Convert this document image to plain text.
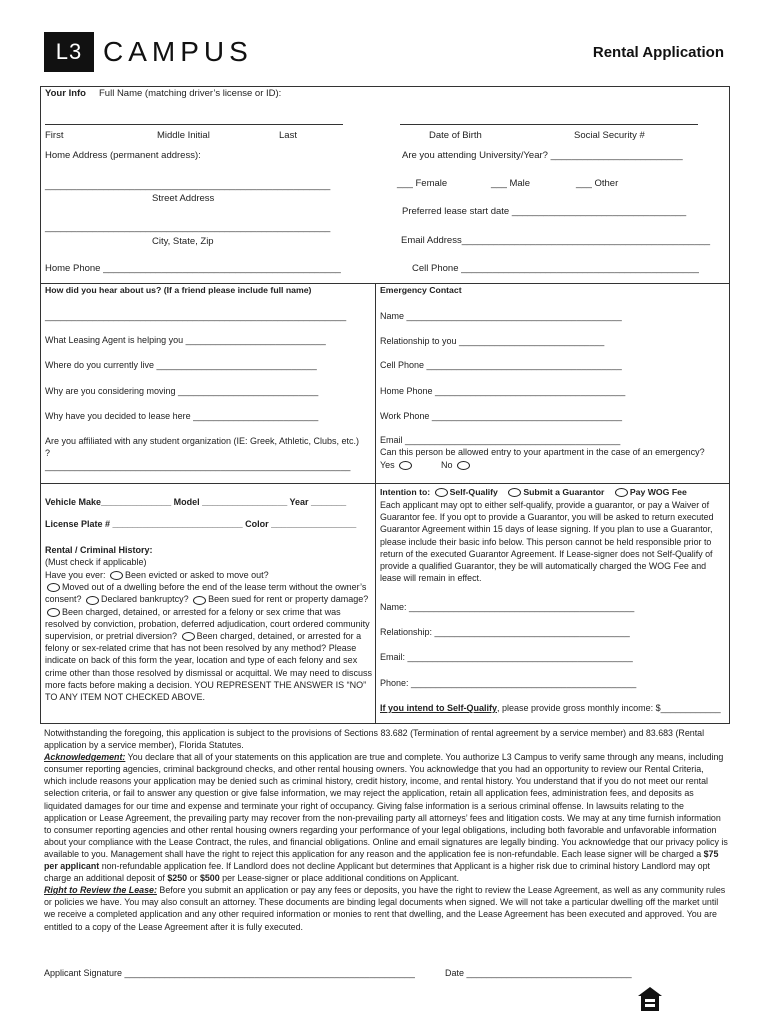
L3 CAMPUS	Rental Application
Your Info Full Name (matching driver’s license or ID):
First	Middle Initial	Last	Date of Birth	Social Security #
Home Address (permanent address):	Are you attending University/Year? _________________________
______________________________________________________	___ Female	___ Male	___ Other
Street Address
Preferred lease start date _________________________________
______________________________________________________
City, State, Zip	Email Address_______________________________________________
Home Phone _____________________________________________	Cell Phone _____________________________________________
How did you hear about us? (If a friend please include full name)
_________________________________________________________
What Leasing Agent is helping you ____________________________
Where do you currently live ________________________________
Why are you considering moving ____________________________
Why have you decided to lease here _________________________
Are you affiliated with any student organization (IE: Greek, Athletic, Clubs, etc.) ?
_____________________________________________________________
Emergency Contact
Name ___________________________________________
Relationship to you _____________________________
Cell Phone _______________________________________
Home Phone ______________________________________
Work Phone ______________________________________
Email ___________________________________________
Can this person be allowed entry to your apartment in the case of an emergency?
Yes	No
Vehicle Make______________ Model _________________ Year _______
License Plate # __________________________ Color _________________
Rental / Criminal History:
(Must check if applicable)
Have you ever: Been evicted or asked to move out?
Moved out of a dwelling before the end of the lease term without the owner’s consent? Declared bankruptcy? Been sued for rent or property damage? Been charged, detained, or arrested for a felony or sex crime that was resolved by conviction, probation, deferred adjudication, court ordered community supervision, or pretrial diversion? Been charged, detained, or arrested for a felony or sex-related crime that has not been resolved by any method? Please indicate on back of this form the year, location and type of each felony and sex crime other than those resolved by dismissal or acquittal. We may need to discuss more facts before making a decision. YOU REPRESENT THE ANSWER IS “NO” TO ANY ITEM NOT CHECKED ABOVE.
Intention to: Self-Qualify	Submit a Guarantor	Pay WOG Fee
Each applicant may opt to either self-qualify, provide a guarantor, or pay a Waiver of Guarantor fee. If you opt to provide a Guarantor, you will be asked to return executed Guarantor Agreement within 15 days of lease signing. If you plan to use a Guarantor, please include their basic info below. This person cannot be held responsible prior to return of the executed Guarantor Agreement. If Lease-signer does not Self-Qualify of provide a qualified Guarantor, they be will automatically charged the WOG Fee and lease will remain in effect.
Name: _____________________________________________
Relationship: _______________________________________
Email: _____________________________________________
Phone: _____________________________________________
If you intend to Self-Qualify, please provide gross monthly income: $____________
Notwithstanding the foregoing, this application is subject to the provisions of Sections 83.682 (Termination of rental agreement by a service member) and 83.683 (Rental application by a service member), Florida Statutes.
Acknowledgement: You declare that all of your statements on this application are true and complete. You authorize L3 Campus to verify same through any means, including consumer reporting agencies, criminal background checks, and other rental housing owners. You acknowledge that you had an opportunity to review our Rental Criteria, which include reasons your application may be denied such as criminal history, credit history, income, and rental history. You understand that if you do not meet our rental selection criteria, or fail to answer any question or give false information, we may reject the application, retain all application fees, administration fees, and deposits as liquidated damages for our time and expense and terminate your right of occupancy. Giving false information is a serious criminal offense. In lawsuits relating to the application or Lease Agreement, the prevailing party may recover from the non-prevailing party all attorneys’ fees and litigation costs. We may at any time furnish information to consumer reporting agencies and other rental housing owners regarding your performance of your legal obligations, including both favorable and unfavorable information about your compliance with the Lease Contract, the rules, and financial obligations. Online and email signatures are legally binding. You acknowledge that our privacy policy is available to you. Management shall have the right to reject this application for any reason and the application fee is non-refundable. Each lease signer will be charged a $75 per applicant non-refundable application fee. If Landlord does not decline Applicant but determines that Applicant is a higher risk due to criminal history Landlord may opt charge an additional deposit of $250 or $500 per Lease-signer or place additional conditions on Applicant.
Right to Review the Lease: Before you submit an application or pay any fees or deposits, you have the right to review the Lease Agreement, as well as any community rules or policies we have. You may also consult an attorney. These documents are binding legal documents when signed. We will not take a particular dwelling off the market until we receive a completed application and any other required information or monies to rent that dwelling, and the Lease Agreement has been executed and approved. You are entitled to a copy of the Lease Agreement after it is fully executed.
Applicant Signature __________________________________________________________	Date _________________________________
